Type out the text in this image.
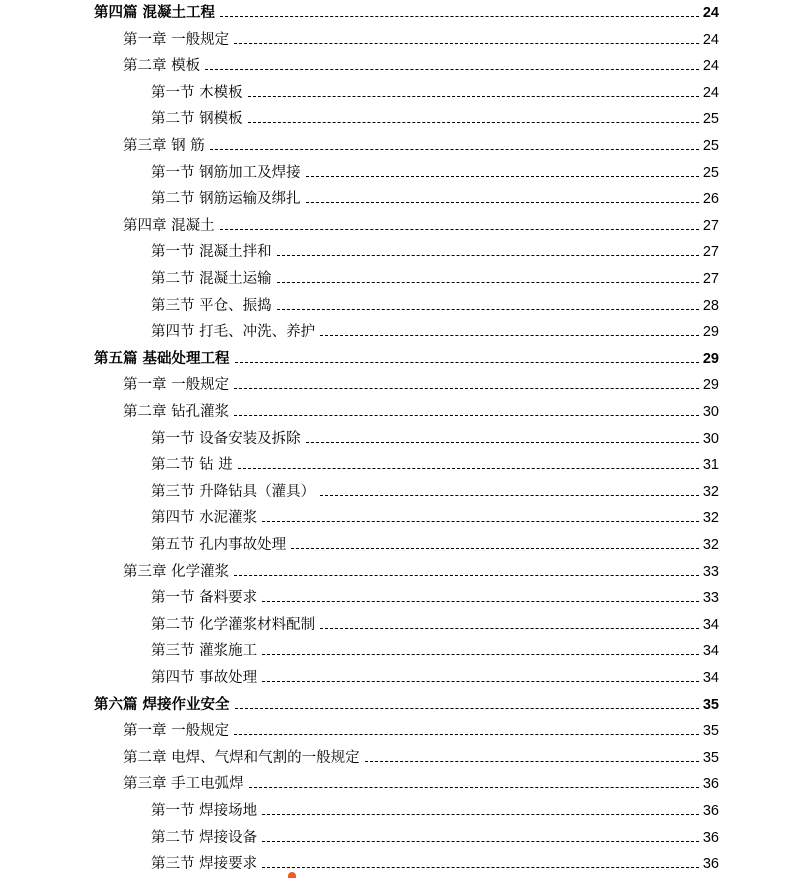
第四篇 混凝土工程	24
第一章 一般规定	24
第二章 模板	24
第一节 木模板	24
第二节 钢模板	25
第三章 钢 筋	25
第一节 钢筋加工及焊接	25
第二节 钢筋运输及绑扎	26
第四章 混凝土	27
第一节 混凝土拌和	27
第二节 混凝土运输	27
第三节 平仓、振捣	28
第四节 打毛、冲洗、养护	29
第五篇 基础处理工程	29
第一章 一般规定	29
第二章 钻孔灌浆	30
第一节 设备安装及拆除	30
第二节 钻 进	31
第三节 升降钻具（灌具）	32
第四节 水泥灌浆	32
第五节 孔内事故处理	32
第三章 化学灌浆	33
第一节 备料要求	33
第二节 化学灌浆材料配制	34
第三节 灌浆施工	34
第四节 事故处理	34
第六篇 焊接作业安全	35
第一章 一般规定	35
第二章 电焊、气焊和气割的一般规定	35
第三章 手工电弧焊	36
第一节 焊接场地	36
第二节 焊接设备	36
第三节 焊接要求	36
